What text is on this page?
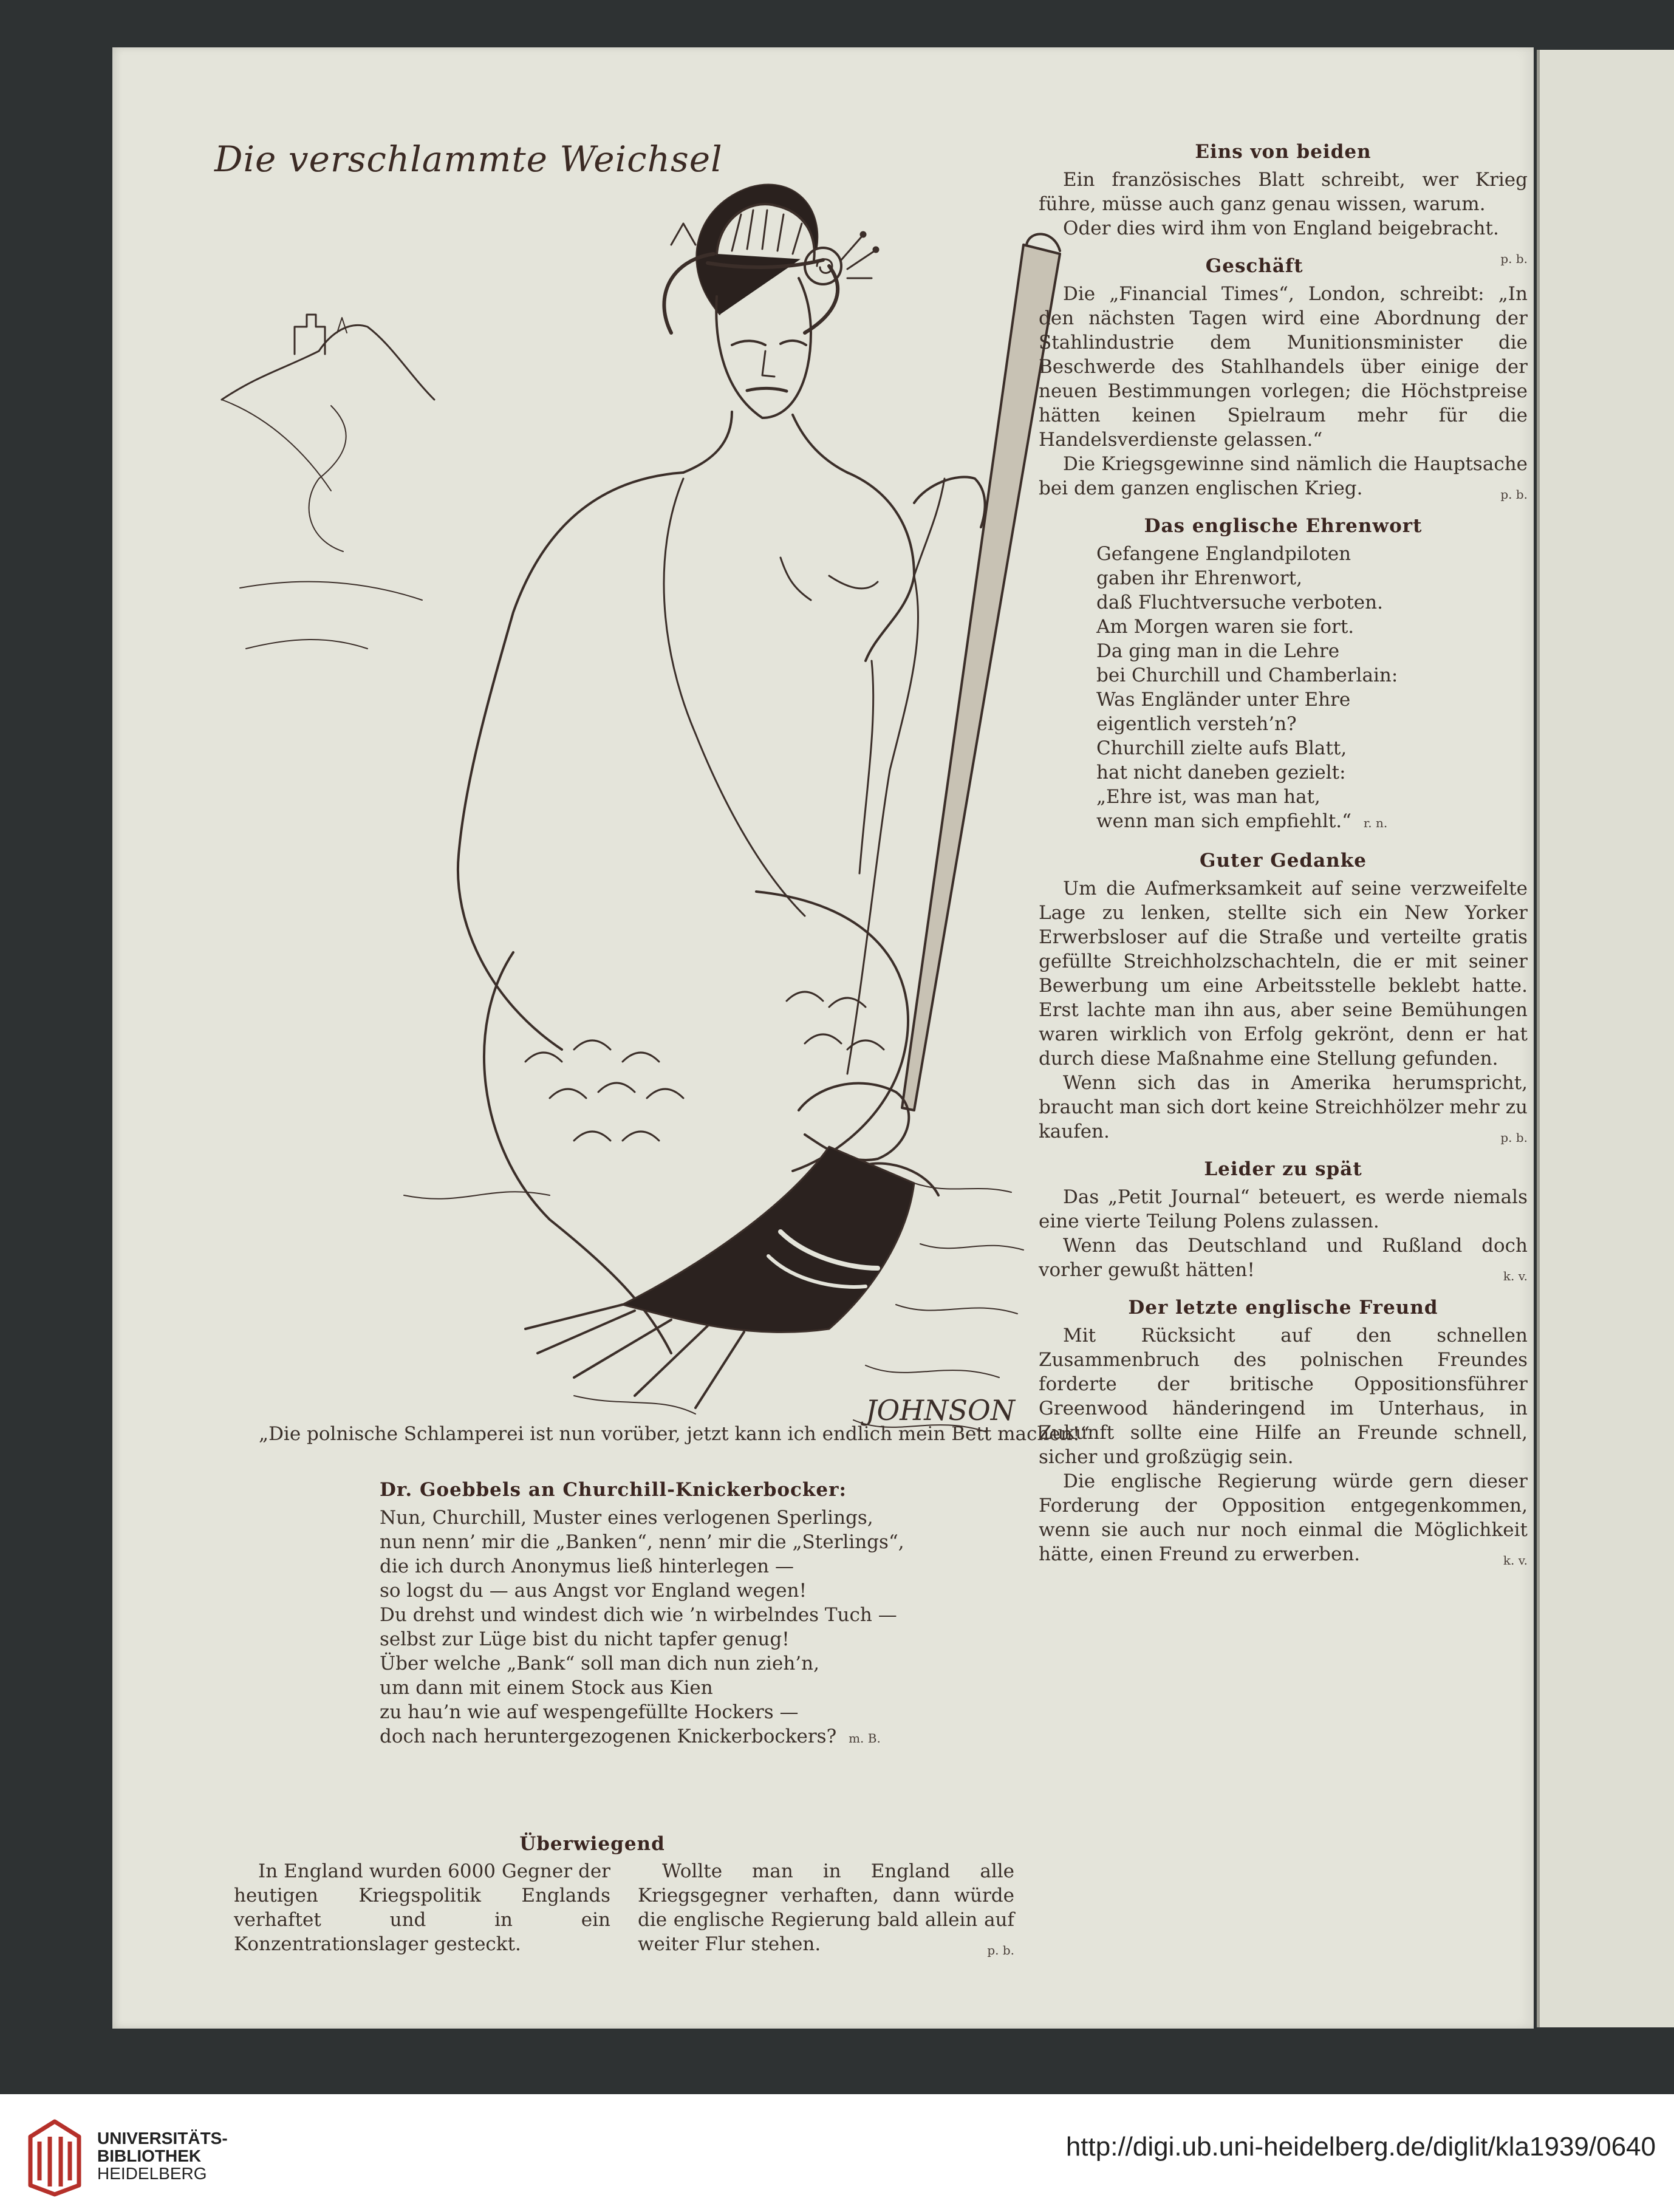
Die verschlammte Weichsel
JOHNSON
„Die polnische Schlamperei ist nun vorüber, jetzt kann ich endlich mein Bett machen!“
Eins von beiden

Ein französisches Blatt schreibt, wer Krieg führe, müsse auch ganz genau wissen, warum.

Oder dies wird ihm von England beigebracht.
p. b.

Geschäft

Die „Financial Times“, London, schreibt: „In den nächsten Tagen wird eine Abordnung der Stahlindustrie dem Munitionsminister die Beschwerde des Stahlhandels über einige der neuen Bestimmungen vorlegen; die Höchstpreise hätten keinen Spielraum mehr für die Handelsverdienste gelassen.“

Die Kriegsgewinne sind nämlich die Hauptsache bei dem ganzen englischen Krieg.	p. b.

Das englische Ehrenwort
Gefangene Englandpiloten
gaben ihr Ehrenwort,
daß Fluchtversuche verboten.
Am Morgen waren sie fort.
Da ging man in die Lehre
bei Churchill und Chamberlain:
Was Engländer unter Ehre
eigentlich versteh’n?
Churchill zielte aufs Blatt,
hat nicht daneben gezielt:
„Ehre ist, was man hat,
wenn man sich empfiehlt.“ r. n.
Guter Gedanke

Um die Aufmerksamkeit auf seine verzweifelte Lage zu lenken, stellte sich ein New Yorker Erwerbsloser auf die Straße und verteilte gratis gefüllte Streichholzschachteln, die er mit seiner Bewerbung um eine Arbeitsstelle beklebt hatte. Erst lachte man ihn aus, aber seine Bemühungen waren wirklich von Erfolg gekrönt, denn er hat durch diese Maßnahme eine Stellung gefunden.

Wenn sich das in Amerika herumspricht, braucht man sich dort keine Streichhölzer mehr zu kaufen.	p. b.

Leider zu spät

Das „Petit Journal“ beteuert, es werde niemals eine vierte Teilung Polens zulassen.

Wenn das Deutschland und Rußland doch vorher gewußt hätten!	k. v.

Der letzte englische Freund

Mit Rücksicht auf den schnellen Zusammenbruch des polnischen Freundes forderte der britische Oppositionsführer Greenwood händeringend im Unterhaus, in Zukunft sollte eine Hilfe an Freunde schnell, sicher und großzügig sein.

Die englische Regierung würde gern dieser Forderung der Opposition entgegenkommen, wenn sie auch nur noch einmal die Möglichkeit hätte, einen Freund zu erwerben.	k. v.

Dr. Goebbels an Churchill-Knickerbocker:
Nun, Churchill, Muster eines verlogenen Sperlings,
nun nenn’ mir die „Banken“, nenn’ mir die „Sterlings“,
die ich durch Anonymus ließ hinterlegen —
so logst du — aus Angst vor England wegen!
Du drehst und windest dich wie ’n wirbelndes Tuch —
selbst zur Lüge bist du nicht tapfer genug!
Über welche „Bank“ soll man dich nun zieh’n,
um dann mit einem Stock aus Kien
zu hau’n wie auf wespengefüllte Hockers —
doch nach heruntergezogenen Knickerbockers? m. B.
Überwiegend

In England wurden 6000 Gegner der heutigen Kriegspolitik Englands verhaftet und in ein Konzentrationslager gesteckt.

Wollte man in England alle Kriegsgegner verhaften, dann würde die englische Regierung bald allein auf weiter Flur stehen.	p. b.

UNIVERSITÄTS-
BIBLIOTHEK
HEIDELBERG
http://digi.ub.uni-heidelberg.de/diglit/kla1939/0640
